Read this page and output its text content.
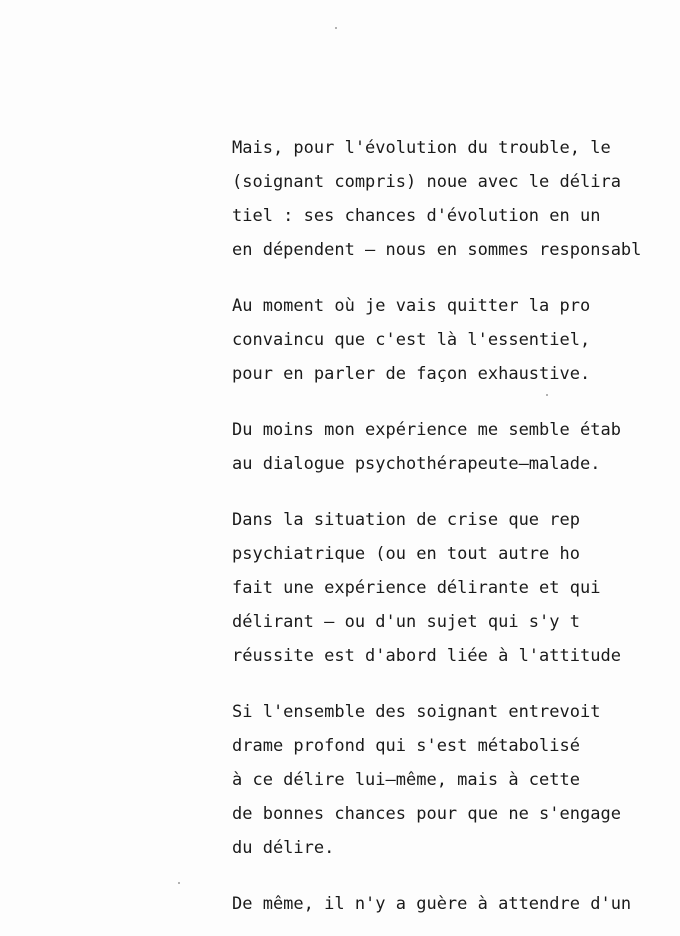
Mais, pour l'évolution du trouble, le
(soignant compris) noue avec le délira
tiel : ses chances d'évolution en un
en dépendent – nous en sommes responsabl

Au moment où je vais quitter la pro
convaincu que c'est là l'essentiel,
pour en parler de façon exhaustive.

Du moins mon expérience me semble étab
au dialogue psychothérapeute–malade.

Dans la situation de crise que rep
psychiatrique (ou en tout autre ho
fait une expérience délirante et qui
délirant – ou d'un sujet qui s'y t
réussite est d'abord liée à l'attitude

Si l'ensemble des soignant entrevoit
drame profond qui s'est métabolisé
à ce délire lui–même, mais à cette
de bonnes chances pour que ne s'engage
du délire.

De même, il n'y a guère à attendre d'un
